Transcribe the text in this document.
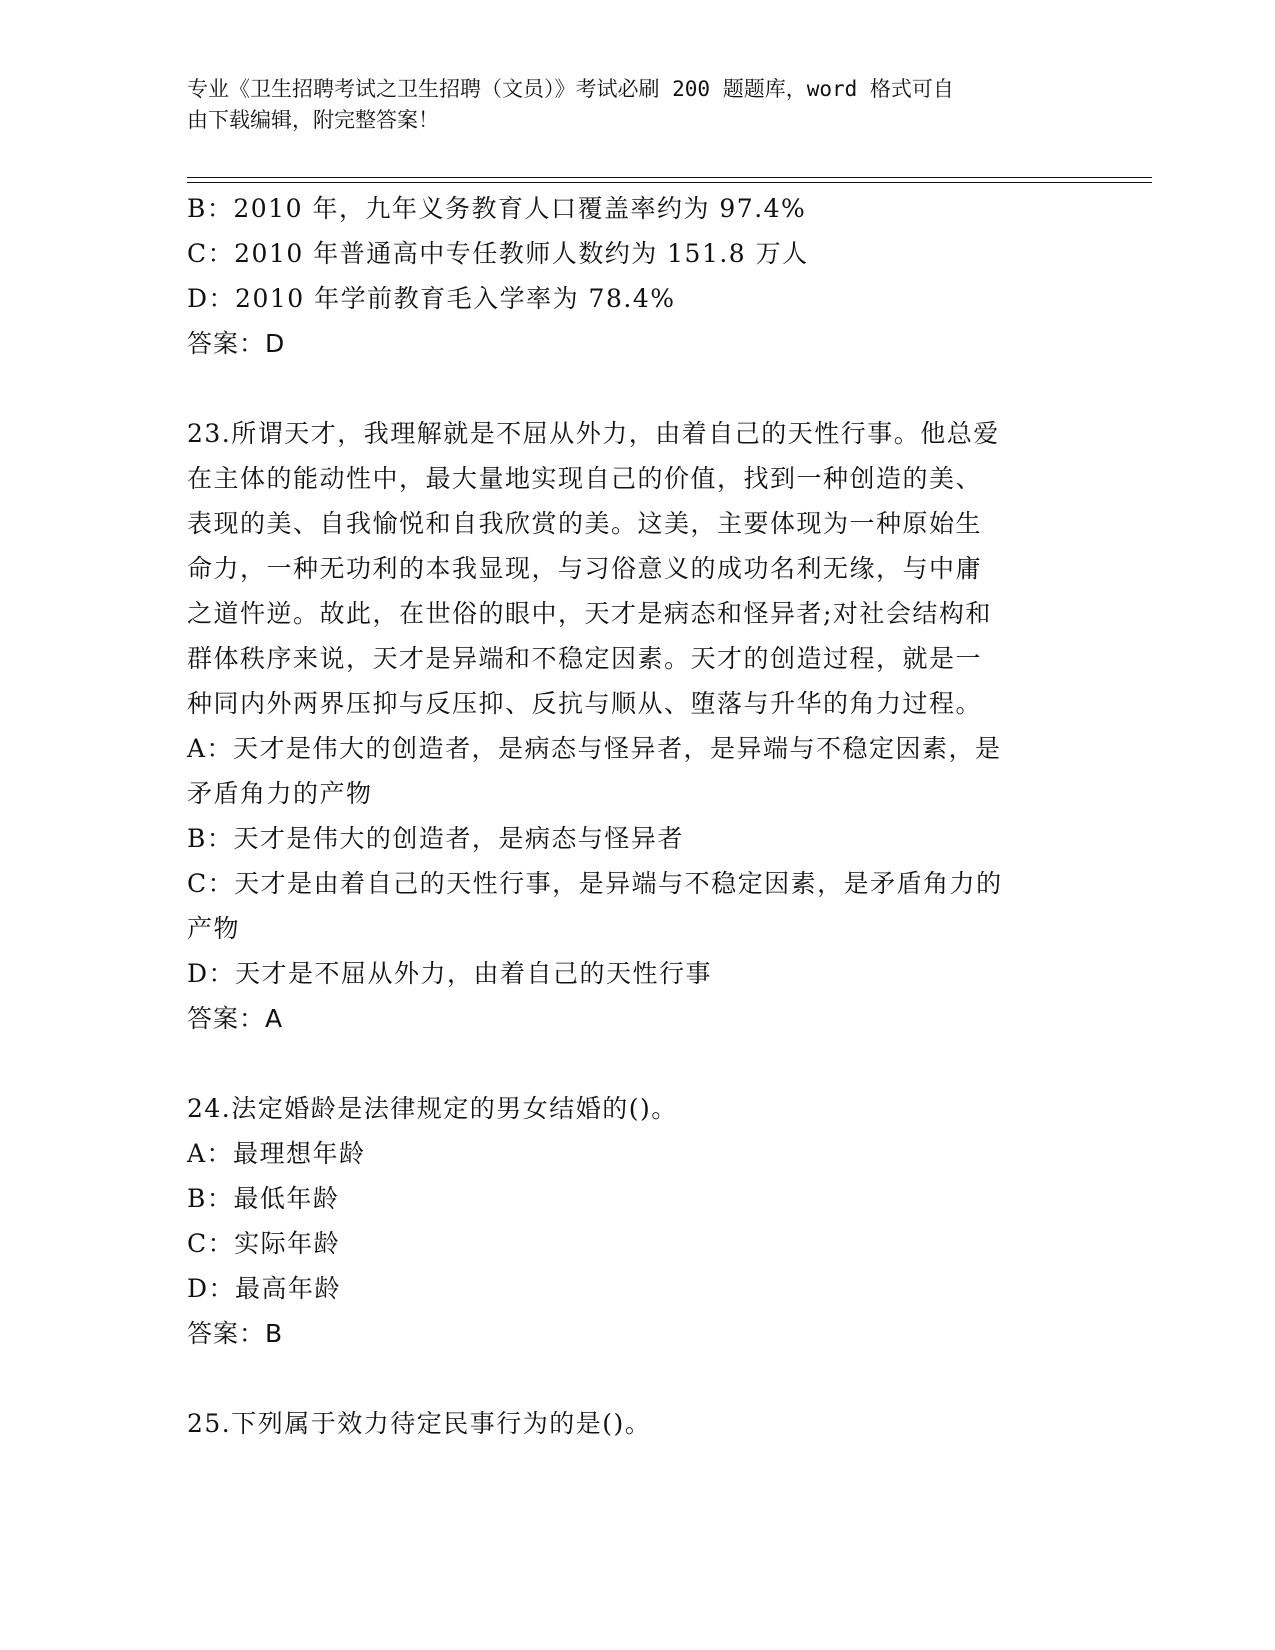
专业《卫生招聘考试之卫生招聘（文员）》考试必刷 200 题题库，word 格式可自
由下载编辑，附完整答案！
B：2010 年，九年义务教育人口覆盖率约为 97.4%
C：2010 年普通高中专任教师人数约为 151.8 万人
D：2010 年学前教育毛入学率为 78.4%
答案：D
23.所谓天才，我理解就是不屈从外力，由着自己的天性行事。他总爱
在主体的能动性中，最大量地实现自己的价值，找到一种创造的美、
表现的美、自我愉悦和自我欣赏的美。这美，主要体现为一种原始生
命力，一种无功利的本我显现，与习俗意义的成功名利无缘，与中庸
之道忤逆。故此，在世俗的眼中，天才是病态和怪异者;对社会结构和
群体秩序来说，天才是异端和不稳定因素。天才的创造过程，就是一
种同内外两界压抑与反压抑、反抗与顺从、堕落与升华的角力过程。
A：天才是伟大的创造者，是病态与怪异者，是异端与不稳定因素，是
矛盾角力的产物
B：天才是伟大的创造者，是病态与怪异者
C：天才是由着自己的天性行事，是异端与不稳定因素，是矛盾角力的
产物
D：天才是不屈从外力，由着自己的天性行事
答案：A
24.法定婚龄是法律规定的男女结婚的()。
A：最理想年龄
B：最低年龄
C：实际年龄
D：最高年龄
答案：B
25.下列属于效力待定民事行为的是()。
